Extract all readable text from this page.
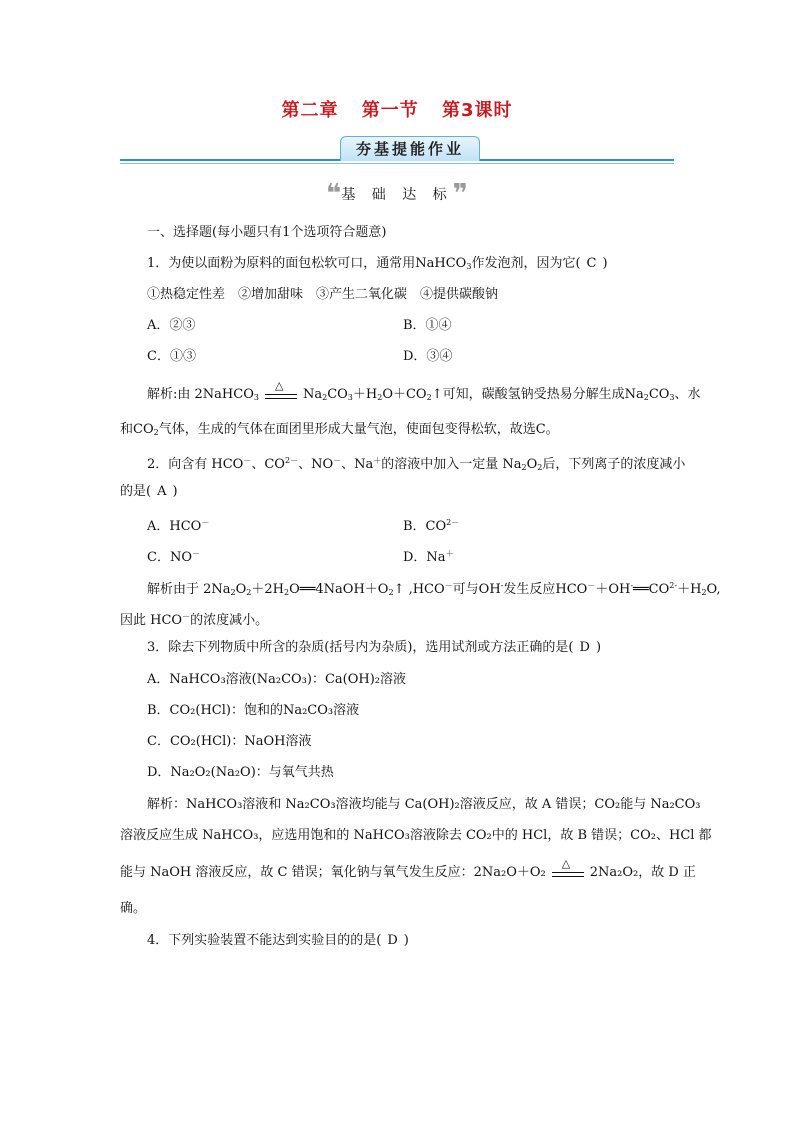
第二章 第一节 第3课时
夯基提能作业
❝基 础 达 标❞
一、选择题(每小题只有1个选项符合题意)
1．为使以面粉为原料的面包松软可口，通常用NaHCO$_3$作发泡剂，因为它( C )
①热稳定性差　②增加甜味　③产生二氧化碳　④提供碳酸钠
A．②③	B．①④
C．①③	D．③④
解析:由 2NaHCO$_3$
△
$Na_2CO_3+H_2O+CO_2↑$可知，碳酸氢钠受热易分解生成$Na_2CO_3$、水
和$CO_2$气体，生成的气体在面团里形成大量气泡，使面包变得松软，故选C。
2．向含有 HCO－、$CO^{2-}$、NO－、Na＋的溶液中加入一定量 $Na_2O_2$后，下列离子的浓度减小
的是( A )
A．HCO－	B．$CO^{2-}$
C．NO－	D．Na＋
解析由于 $2Na_2O_2+2H_2O══4NaOH+O_2↑$ ,HCO－可与OH-发生反应$HCO^-+OH^-══CO^{2-}+H_2O$,
因此 HCO－的浓度减小。
3．除去下列物质中所含的杂质(括号内为杂质)，选用试剂或方法正确的是( D )
A．NaHCO₃溶液(Na₂CO₃)：Ca(OH)₂溶液
B．CO₂(HCl)：饱和的Na₂CO₃溶液
C．CO₂(HCl)：NaOH溶液
D．Na₂O₂(Na₂O)：与氧气共热
解析：NaHCO₃溶液和 Na₂CO₃溶液均能与 Ca(OH)₂溶液反应，故 A 错误；CO₂能与 Na₂CO₃
溶液反应生成 NaHCO₃，应选用饱和的 NaHCO₃溶液除去 CO₂中的 HCl，故 B 错误；CO₂、HCl 都
能与 NaOH 溶液反应，故 C 错误；氧化钠与氧气发生反应：2Na₂O＋O₂
△
2Na₂O₂，故 D 正
确。
4．下列实验装置不能达到实验目的的是( D )
